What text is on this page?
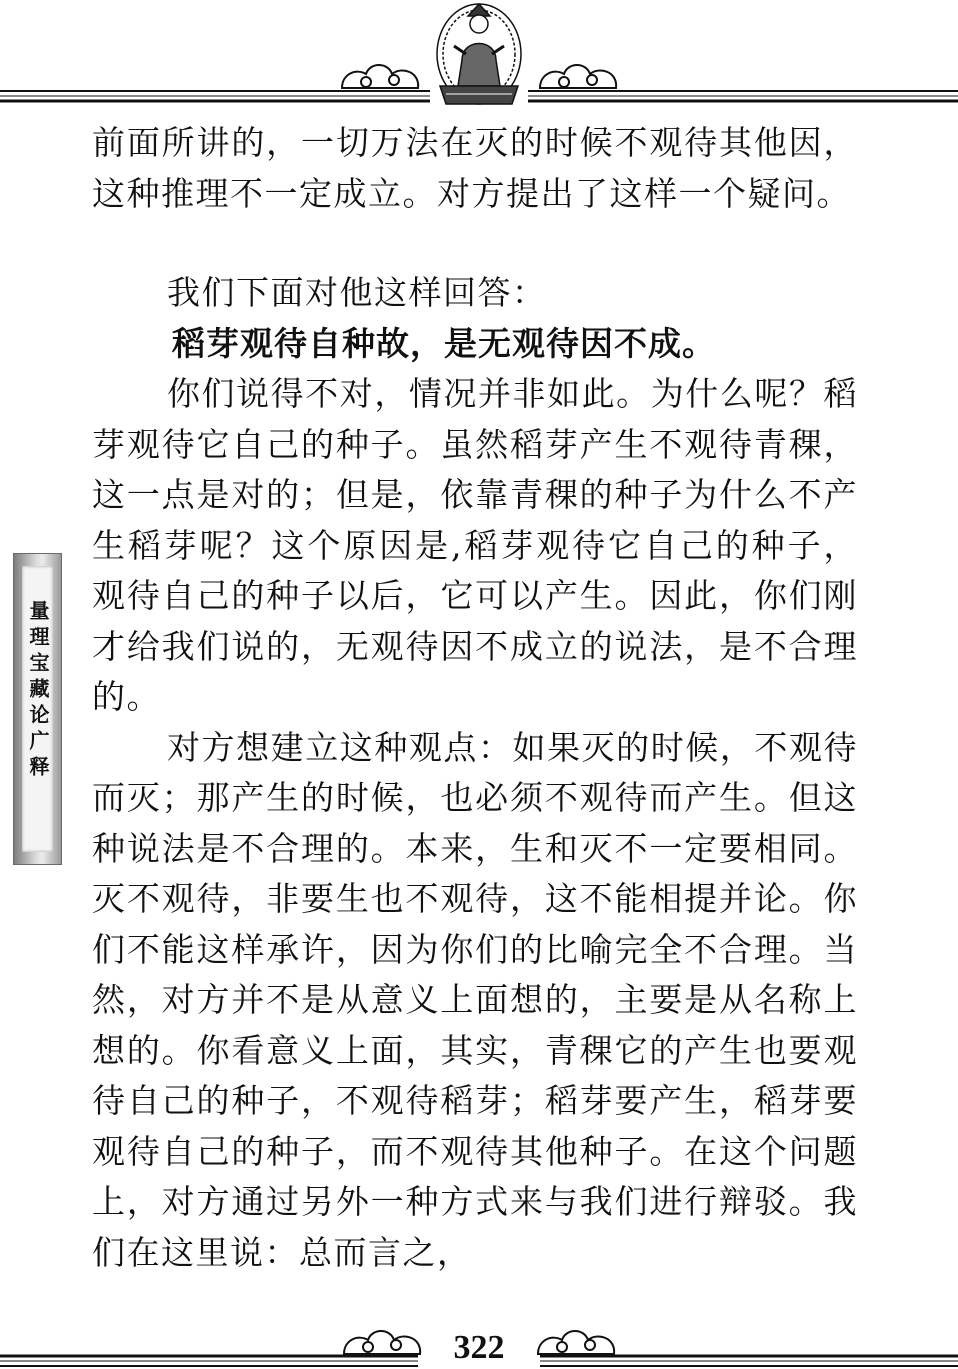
量理宝藏论广释

前面所讲的，一切万法在灭的时候不观待其他因，这种推理不一定成立。对方提出了这样一个疑问。

我们下面对他这样回答：

稻芽观待自种故，是无观待因不成。

你们说得不对，情况并非如此。为什么呢？稻芽观待它自己的种子。虽然稻芽产生不观待青稞，这一点是对的；但是，依靠青稞的种子为什么不产生稻芽呢？这个原因是,稻芽观待它自己的种子，观待自己的种子以后，它可以产生。因此，你们刚才给我们说的，无观待因不成立的说法，是不合理的。

对方想建立这种观点：如果灭的时候，不观待而灭；那产生的时候，也必须不观待而产生。但这种说法是不合理的。本来，生和灭不一定要相同。灭不观待，非要生也不观待，这不能相提并论。你们不能这样承许，因为你们的比喻完全不合理。当然，对方并不是从意义上面想的，主要是从名称上想的。你看意义上面，其实，青稞它的产生也要观待自己的种子，不观待稻芽；稻芽要产生，稻芽要观待自己的种子，而不观待其他种子。在这个问题上，对方通过另外一种方式来与我们进行辩驳。我们在这里说：总而言之，

322
